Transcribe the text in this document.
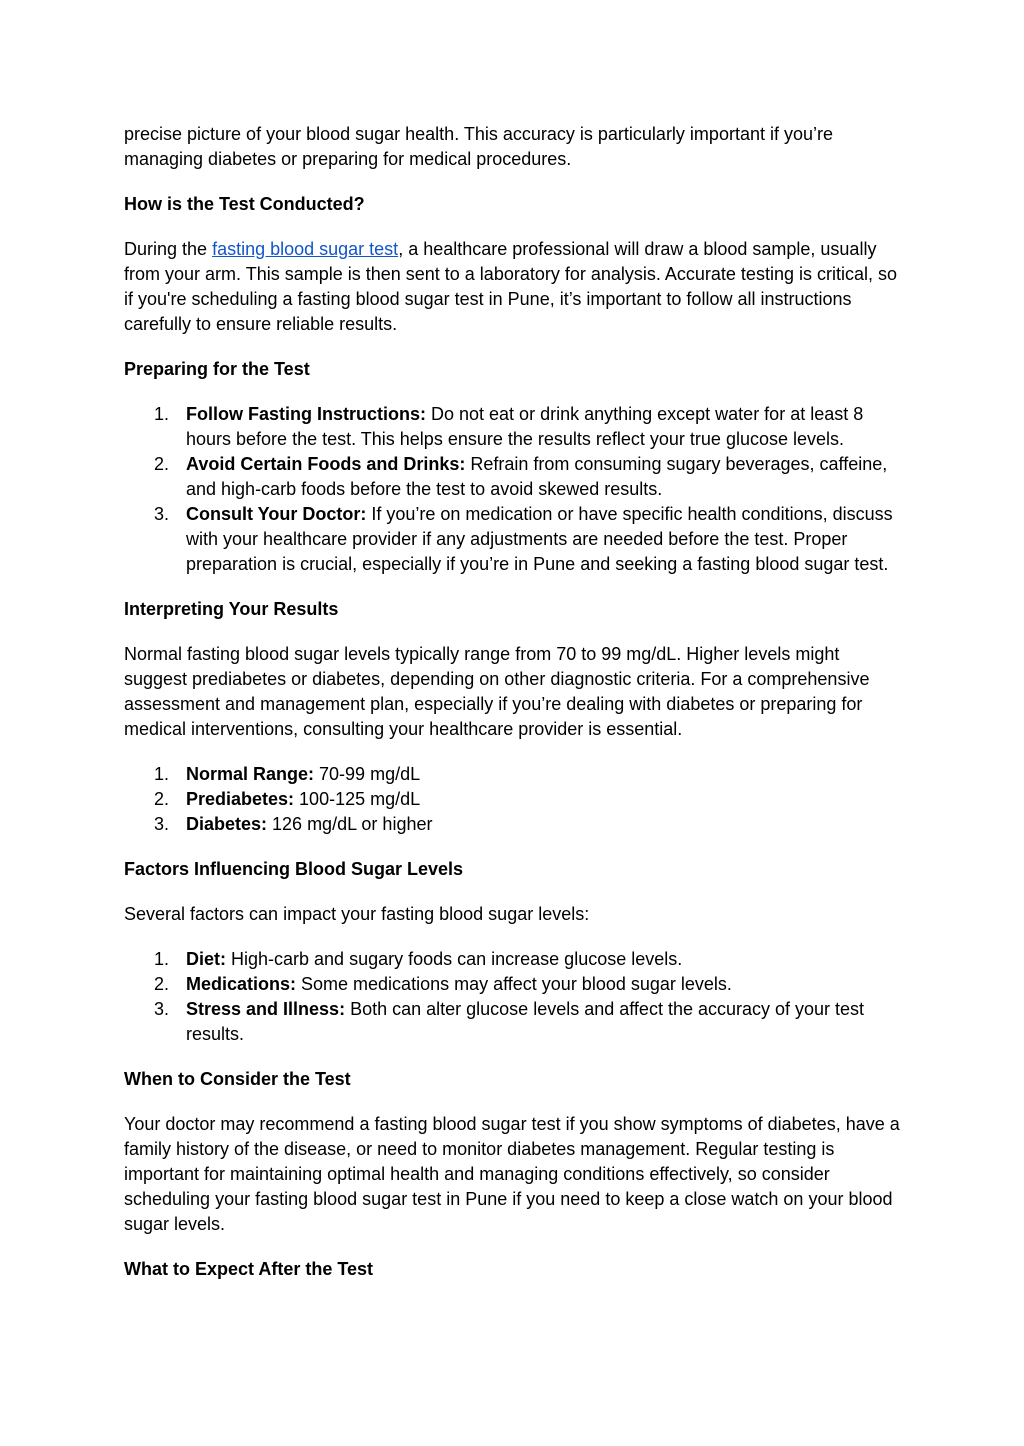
precise picture of your blood sugar health. This accuracy is particularly important if you’re managing diabetes or preparing for medical procedures.

How is the Test Conducted?

During the fasting blood sugar test, a healthcare professional will draw a blood sample, usually from your arm. This sample is then sent to a laboratory for analysis. Accurate testing is critical, so if you're scheduling a fasting blood sugar test in Pune, it’s important to follow all instructions carefully to ensure reliable results.

Preparing for the Test
1. Follow Fasting Instructions: Do not eat or drink anything except water for at least 8 hours before the test. This helps ensure the results reflect your true glucose levels.
2. Avoid Certain Foods and Drinks: Refrain from consuming sugary beverages, caffeine, and high-carb foods before the test to avoid skewed results.
3. Consult Your Doctor: If you’re on medication or have specific health conditions, discuss with your healthcare provider if any adjustments are needed before the test. Proper preparation is crucial, especially if you’re in Pune and seeking a fasting blood sugar test.
Interpreting Your Results

Normal fasting blood sugar levels typically range from 70 to 99 mg/dL. Higher levels might suggest prediabetes or diabetes, depending on other diagnostic criteria. For a comprehensive assessment and management plan, especially if you’re dealing with diabetes or preparing for medical interventions, consulting your healthcare provider is essential.

1. Normal Range: 70-99 mg/dL
2. Prediabetes: 100-125 mg/dL
3. Diabetes: 126 mg/dL or higher
Factors Influencing Blood Sugar Levels

Several factors can impact your fasting blood sugar levels:

1. Diet: High-carb and sugary foods can increase glucose levels.
2. Medications: Some medications may affect your blood sugar levels.
3. Stress and Illness: Both can alter glucose levels and affect the accuracy of your test results.
When to Consider the Test

Your doctor may recommend a fasting blood sugar test if you show symptoms of diabetes, have a family history of the disease, or need to monitor diabetes management. Regular testing is important for maintaining optimal health and managing conditions effectively, so consider scheduling your fasting blood sugar test in Pune if you need to keep a close watch on your blood sugar levels.

What to Expect After the Test
